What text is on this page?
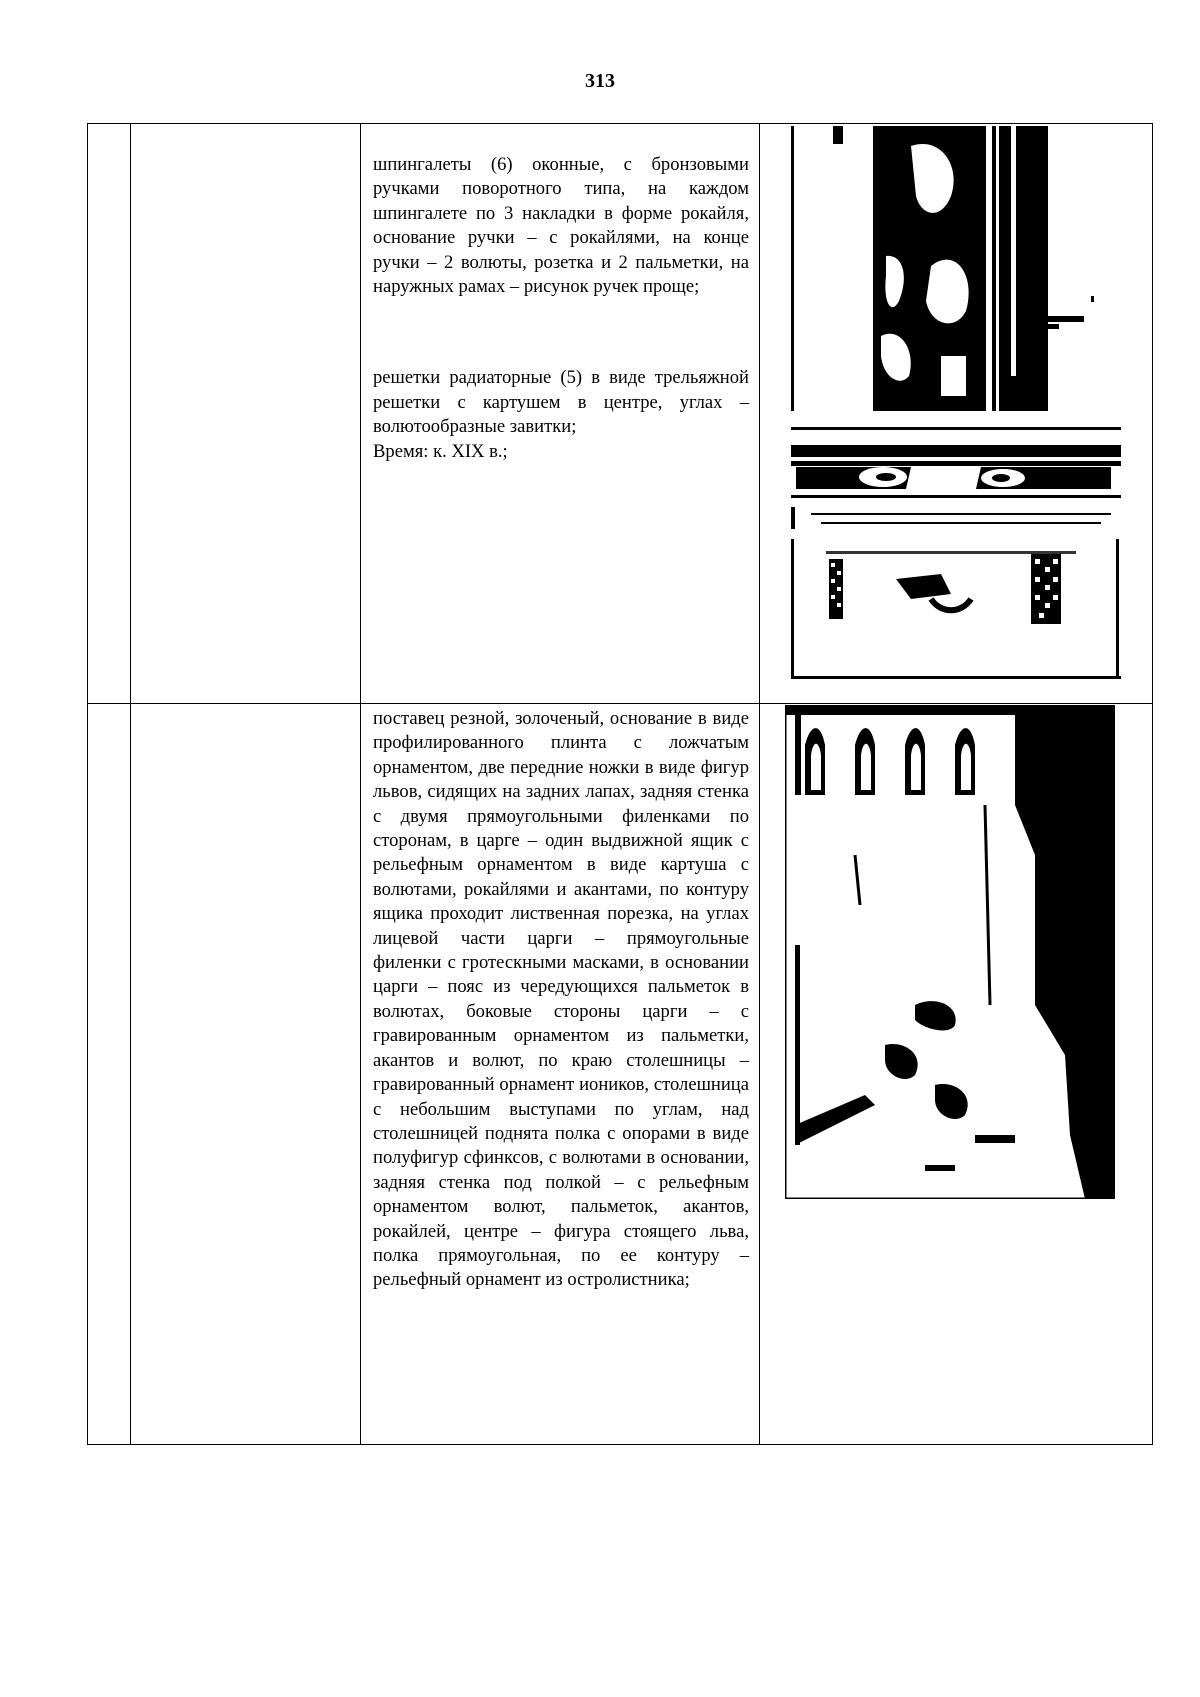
313

		шпингалеты (6) оконные, с бронзовыми ручками поворотного типа, на каждом шпингалете по 3 накладки в форме рокайля, основание ручки – с рокайлями, на конце ручки – 2 волюты, розетка и 2 пальметки, на наружных рамах – рисунок ручек проще;

решетки радиаторные (5) в виде трельяжной решетки с картушем в центре, углах – волютообразные завитки;

Время: к. XIX в.;

		поставец резной, золоченый, основание в виде профилированного плинта с ложчатым орнаментом, две передние ножки в виде фигур львов, сидящих на задних лапах, задняя стенка с двумя прямоугольными филенками по сторонам, в царге – один выдвижной ящик с рельефным орнаментом в виде картуша с волютами, рокайлями и акантами, по контуру ящика проходит лиственная порезка, на углах лицевой части царги – прямоугольные филенки с гротескными масками, в основании царги – пояс из чередующихся пальметок в волютах, боковые стороны царги – с гравированным орнаментом из пальметки, акантов и волют, по краю столешницы – гравированный орнамент иоников, столешница с небольшим выступами по углам, над столешницей поднята полка с опорами в виде полуфигур сфинксов, с волютами в основании, задняя стенка под полкой – с рельефным орнаментом волют, пальметок, акантов, рокайлей, центре – фигура стоящего льва, полка прямоугольная, по ее контуру – рельефный орнамент из остролистника;
